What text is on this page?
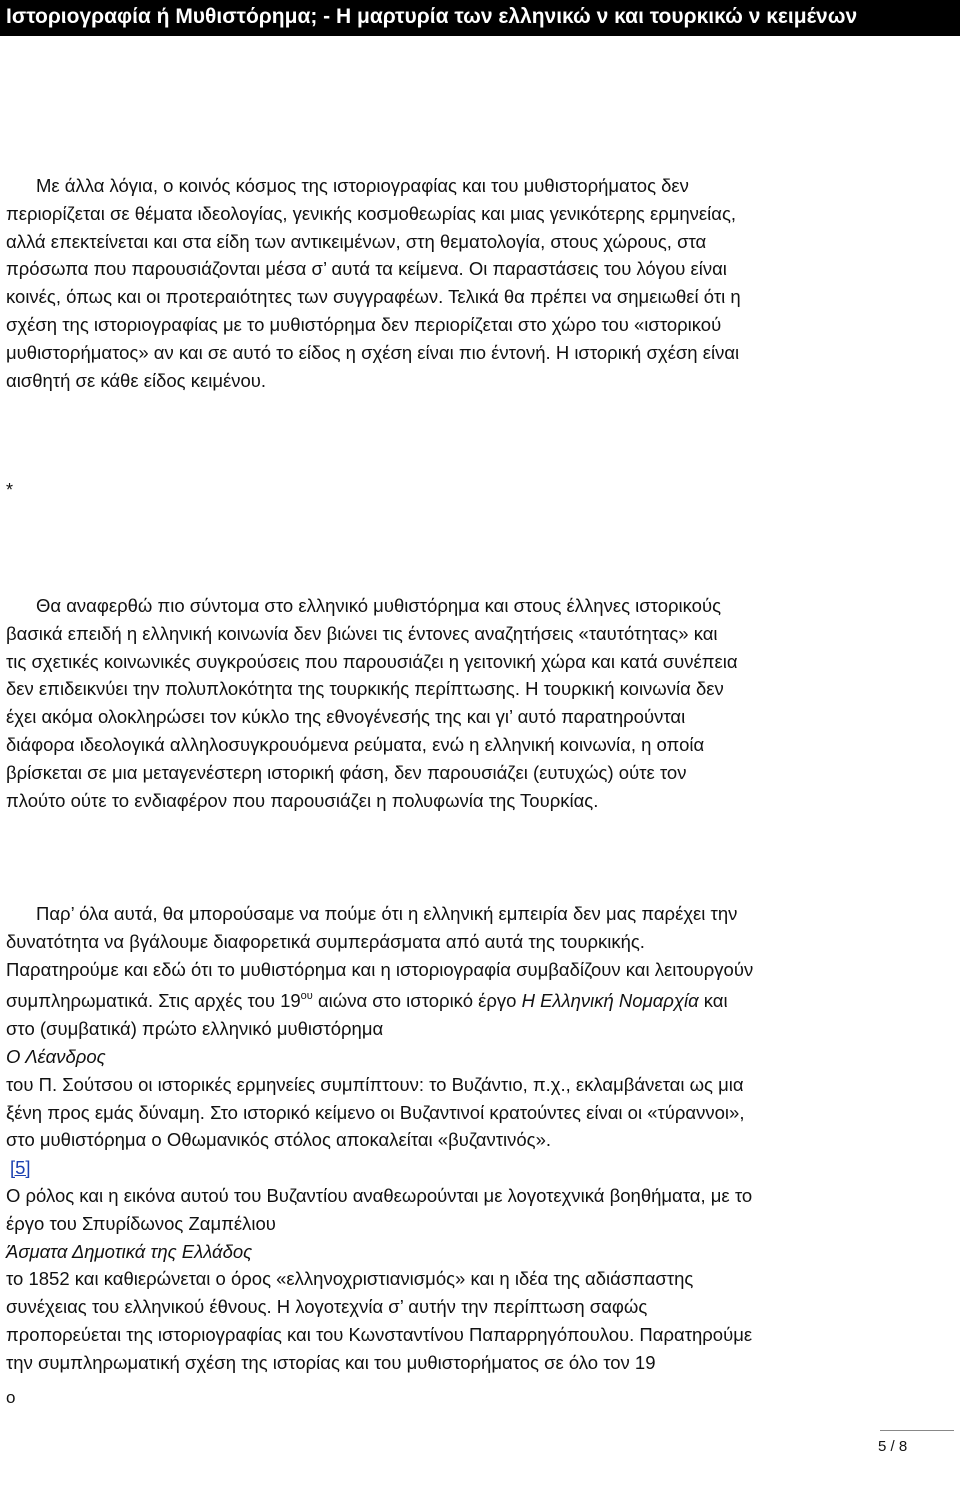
Ιστοριογραφία ή Μυθιστόρημα; - Η μαρτυρία των ελληνικώ ν και τουρκικώ ν κειμένων
Με άλλα λόγια, ο κοινός κόσμος της ιστοριογραφίας και του μυθιστορήματος δεν
περιορίζεται σε θέματα ιδεολογίας, γενικής κοσμοθεωρίας και μιας γενικότερης ερμηνείας,
αλλά επεκτείνεται και στα είδη των αντικειμένων, στη θεματολογία, στους χώρους, στα
πρόσωπα που παρουσιάζονται μέσα σ’ αυτά τα κείμενα. Οι παραστάσεις του λόγου είναι
κοινές, όπως και οι προτεραιότητες των συγγραφέων. Τελικά θα πρέπει να σημειωθεί ότι η
σχέση της ιστοριογραφίας με το μυθιστόρημα δεν περιορίζεται στο χώρο του «ιστορικού
μυθιστορήματος» αν και σε αυτό το είδος η σχέση είναι πιο έντονή. Η ιστορική σχέση είναι
αισθητή σε κάθε είδος κειμένου.
*
Θα αναφερθώ πιο σύντομα στο ελληνικό μυθιστόρημα και στους έλληνες ιστορικούς
βασικά επειδή η ελληνική κοινωνία δεν βιώνει τις έντονες αναζητήσεις «ταυτότητας» και
τις σχετικές κοινωνικές συγκρούσεις που παρουσιάζει η γειτονική χώρα και κατά συνέπεια
δεν επιδεικνύει την πολυπλοκότητα της τουρκικής περίπτωσης. Η τουρκική κοινωνία δεν
έχει ακόμα ολοκληρώσει τον κύκλο της εθνογένεσής της και γι’ αυτό παρατηρούνται
διάφορα ιδεολογικά αλληλοσυγκρουόμενα ρεύματα, ενώ η ελληνική κοινωνία, η οποία
βρίσκεται σε μια μεταγενέστερη ιστορική φάση, δεν παρουσιάζει (ευτυχώς) ούτε τον
πλούτο ούτε το ενδιαφέρον που παρουσιάζει η πολυφωνία της Τουρκίας.
Παρ’ όλα αυτά, θα μπορούσαμε να πούμε ότι η ελληνική εμπειρία δεν μας παρέχει την
δυνατότητα να βγάλουμε διαφορετικά συμπεράσματα από αυτά της τουρκικής.
Παρατηρούμε και εδώ ότι το μυθιστόρημα και η ιστοριογραφία συμβαδίζουν και λειτουργούν
συμπληρωματικά. Στις αρχές του $19^{o\upsilon}$ αιώνα στο ιστορικό έργο Η Ελληνική Νομαρχία και
στο (συμβατικά) πρώτο ελληνικό μυθιστόρημα
Ο Λέανδρος
του Π. Σούτσου οι ιστορικές ερμηνείες συμπίπτουν: το Βυζάντιο, π.χ., εκλαμβάνεται ως μια
ξένη προς εμάς δύναμη. Στο ιστορικό κείμενο οι Βυζαντινοί κρατούντες είναι οι «τύραννοι»,
στο μυθιστόρημα ο Οθωμανικός στόλος αποκαλείται «βυζαντινός».
[5]
Ο ρόλος και η εικόνα αυτού του Βυζαντίου αναθεωρούνται με λογοτεχνικά βοηθήματα, με το
έργο του Σπυρίδωνος Ζαμπέλιου
Άσματα Δημοτικά της Ελλάδος
το 1852 και καθιερώνεται ο όρος «ελληνοχριστιανισμός» και η ιδέα της αδιάσπαστης
συνέχειας του ελληνικού έθνους. Η λογοτεχνία σ’ αυτήν την περίπτωση σαφώς
προπορεύεται της ιστοριογραφίας και του Κωνσταντίνου Παπαρρηγόπουλου. Παρατηρούμε
την συμπληρωματική σχέση της ιστορίας και του μυθιστορήματος σε όλο τον 19
ο
5 / 8
